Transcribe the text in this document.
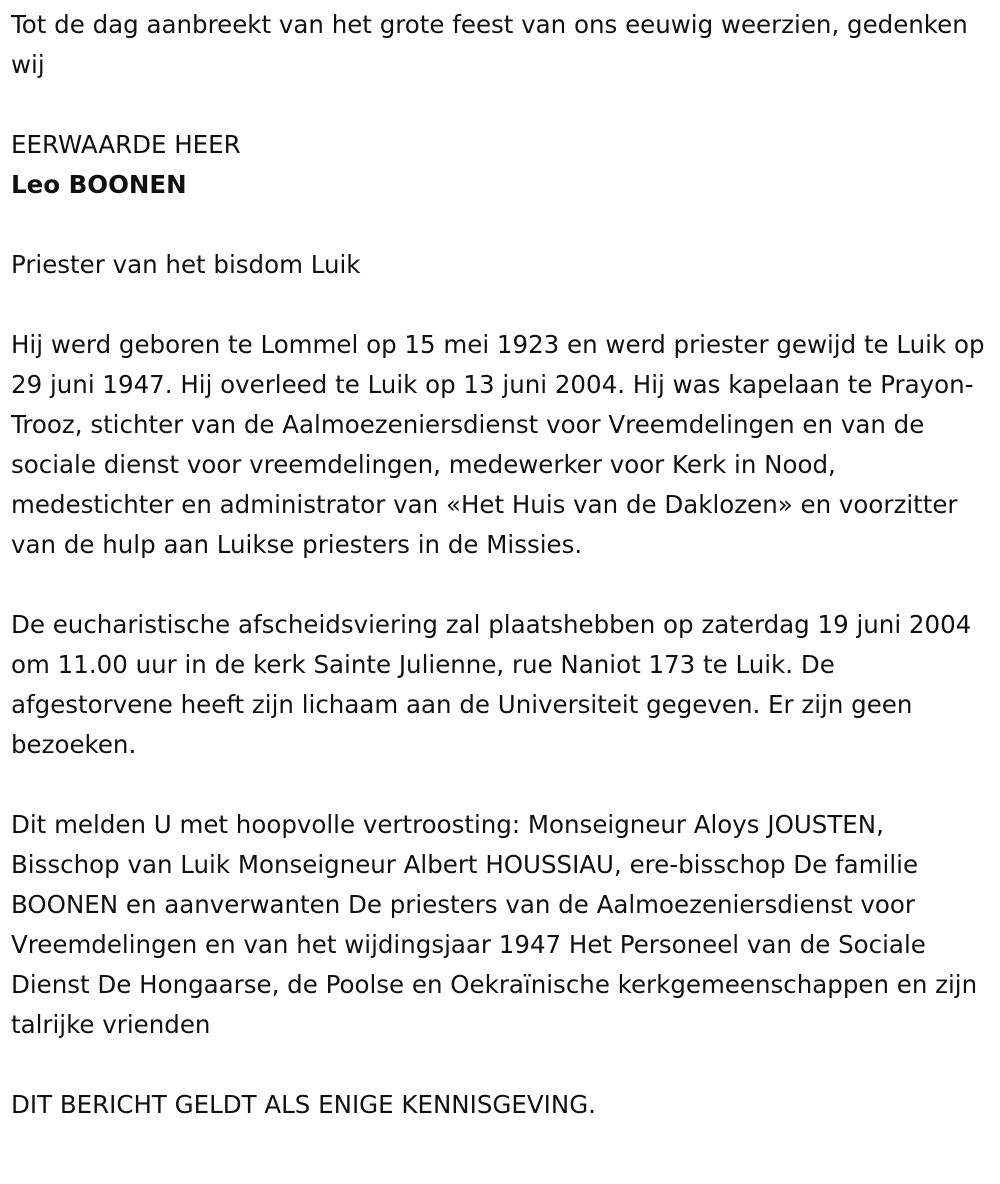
Tot de dag aanbreekt van het grote feest van ons eeuwig weerzien, gedenken wij

EERWAARDE HEER

Leo BOONEN

Priester van het bisdom Luik

Hij werd geboren te Lommel op 15 mei 1923 en werd priester gewijd te Luik op 29 juni 1947. Hij overleed te Luik op 13 juni 2004. Hij was kapelaan te Prayon-Trooz, stichter van de Aalmoezeniersdienst voor Vreemdelingen en van de sociale dienst voor vreemdelingen, medewerker voor Kerk in Nood, medestichter en administrator van «Het Huis van de Daklozen» en voorzitter van de hulp aan Luikse priesters in de Missies.

De eucharistische afscheidsviering zal plaatshebben op zaterdag 19 juni 2004 om 11.00 uur in de kerk Sainte Julienne, rue Naniot 173 te Luik. De afgestorvene heeft zijn lichaam aan de Universiteit gegeven. Er zijn geen bezoeken.

Dit melden U met hoopvolle vertroosting: Monseigneur Aloys JOUSTEN, Bisschop van Luik Monseigneur Albert HOUSSIAU, ere-bisschop De familie BOONEN en aanverwanten De priesters van de Aalmoezeniersdienst voor Vreemdelingen en van het wijdingsjaar 1947 Het Personeel van de Sociale Dienst De Hongaarse, de Poolse en Oekraïnische kerkgemeenschappen en zijn talrijke vrienden

DIT BERICHT GELDT ALS ENIGE KENNISGEVING.
